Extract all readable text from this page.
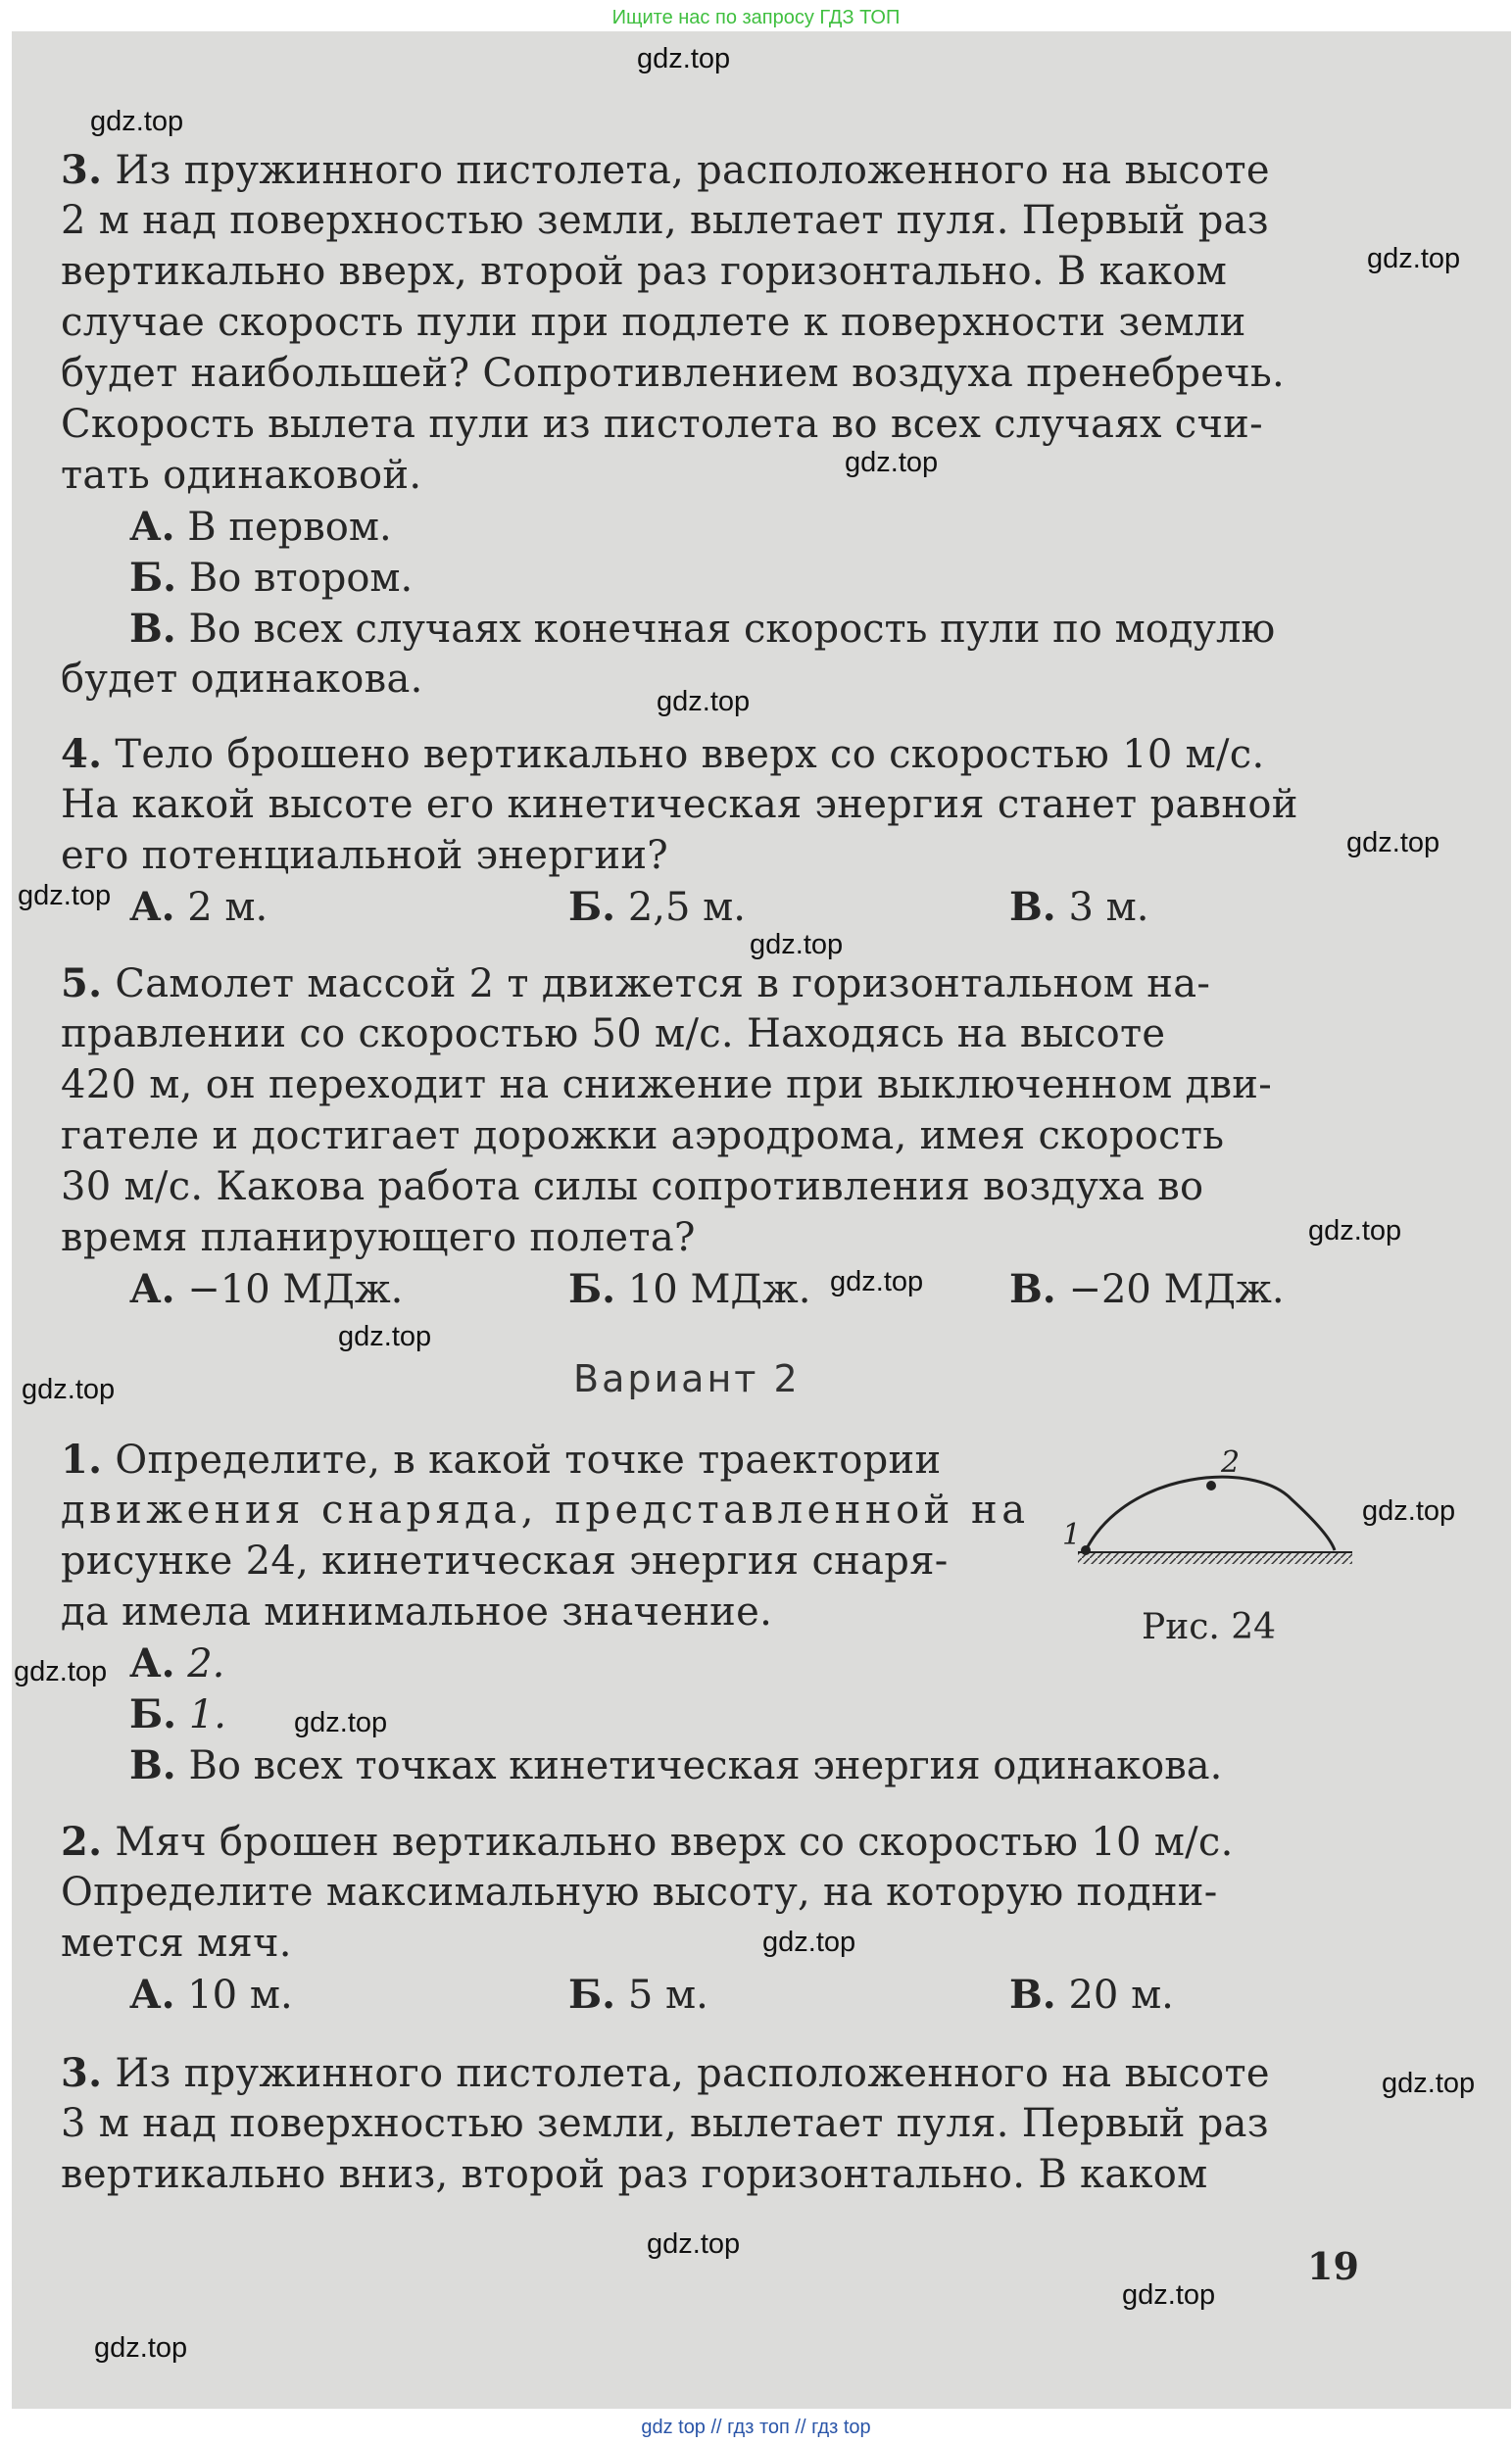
Ищите нас по запросу ГДЗ ТОП
3. Из пружинного пистолета, расположенного на высоте
2 м над поверхностью земли, вылетает пуля. Первый раз
вертикально вверх, второй раз горизонтально. В каком
случае скорость пули при подлете к поверхности земли
будет наибольшей? Сопротивлением воздуха пренебречь.
Скорость вылета пули из пистолета во всех случаях счи-
тать одинаковой.
А. В первом.
Б. Во втором.
В. Во всех случаях конечная скорость пули по модулю
будет одинакова.
4. Тело брошено вертикально вверх со скоростью 10 м/с.
На какой высоте его кинетическая энергия станет равной
его потенциальной энергии?
А. 2 м.	Б. 2,5 м.	В. 3 м.
5. Самолет массой 2 т движется в горизонтальном на-
правлении со скоростью 50 м/с. Находясь на высоте
420 м, он переходит на снижение при выключенном дви-
гателе и достигает дорожки аэродрома, имея скорость
30 м/с. Какова работа силы сопротивления воздуха во
время планирующего полета?
А. −10 МДж.	Б. 10 МДж.	В. −20 МДж.
Вариант 2
1. Определите, в какой точке траектории
движения снаряда, представленной на
рисунке 24, кинетическая энергия снаря-
да имела минимальное значение.
1
2
Рис. 24
А. 2.
Б. 1.
В. Во всех точках кинетическая энергия одинакова.
2. Мяч брошен вертикально вверх со скоростью 10 м/с.
Определите максимальную высоту, на которую подни-
мется мяч.
А. 10 м.	Б. 5 м.	В. 20 м.
3. Из пружинного пистолета, расположенного на высоте
3 м над поверхностью земли, вылетает пуля. Первый раз
вертикально вниз, второй раз горизонтально. В каком
19
gdz.top
gdz.top
gdz.top
gdz.top
gdz.top
gdz.top
gdz.top
gdz.top
gdz.top
gdz.top
gdz.top
gdz.top
gdz.top
gdz.top
gdz.top
gdz.top
gdz.top
gdz.top
gdz.top
gdz.top
gdz top // гдз топ // гдз top
